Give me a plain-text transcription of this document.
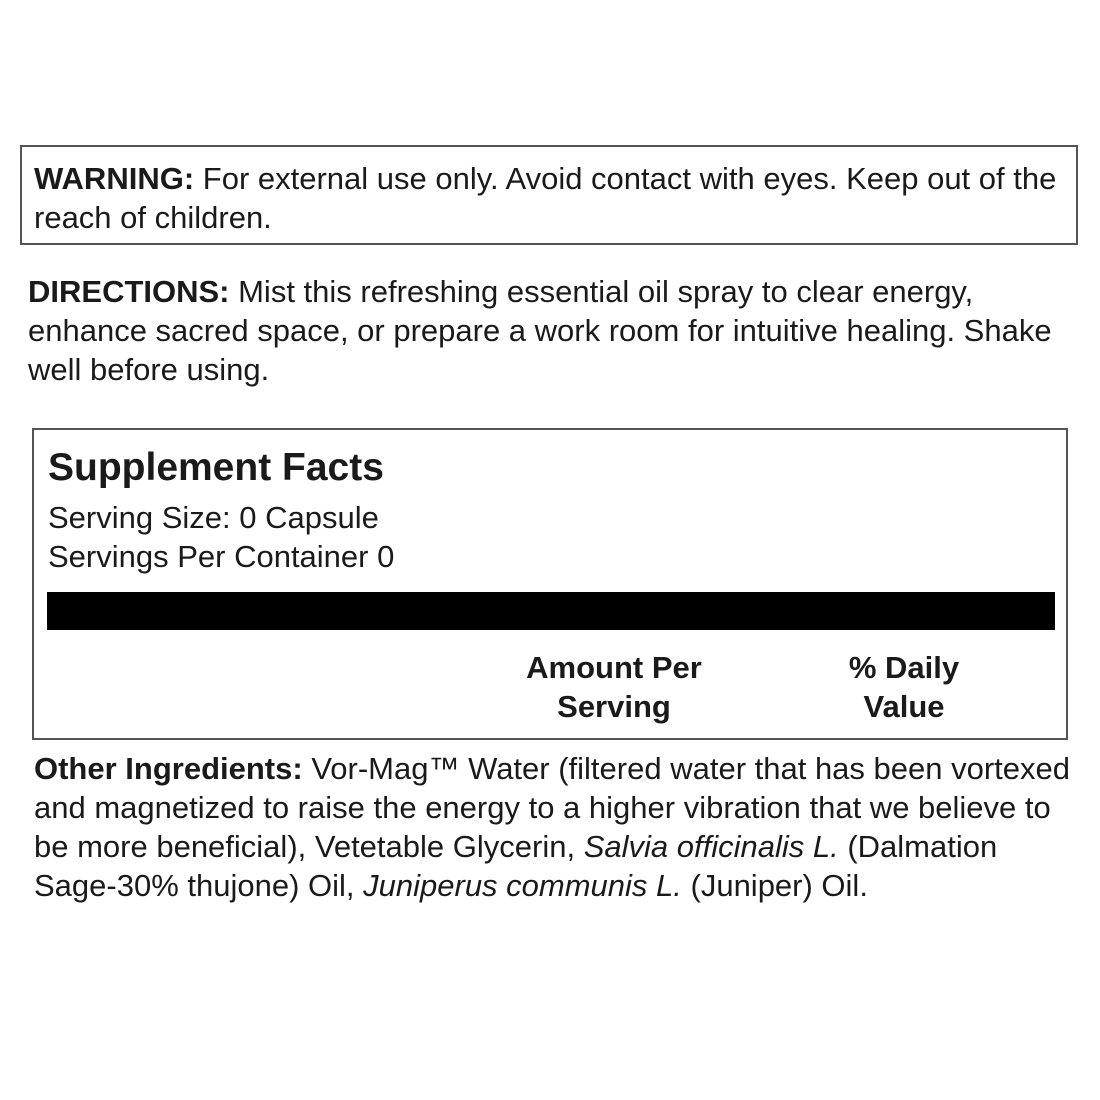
WARNING: For external use only. Avoid contact with eyes. Keep out of the reach of children.
DIRECTIONS: Mist this refreshing essential oil spray to clear energy, enhance sacred space, or prepare a work room for intuitive healing. Shake well before using.
Supplement Facts
Serving Size: 0 Capsule
Servings Per Container 0
Amount Per
Serving
% Daily
Value
Other Ingredients: Vor-Mag™ Water (filtered water that has been vortexed and magnetized to raise the energy to a higher vibration that we believe to be more beneficial), Vetetable Glycerin, Salvia officinalis L. (Dalmation Sage-30% thujone) Oil, Juniperus communis L. (Juniper) Oil.
